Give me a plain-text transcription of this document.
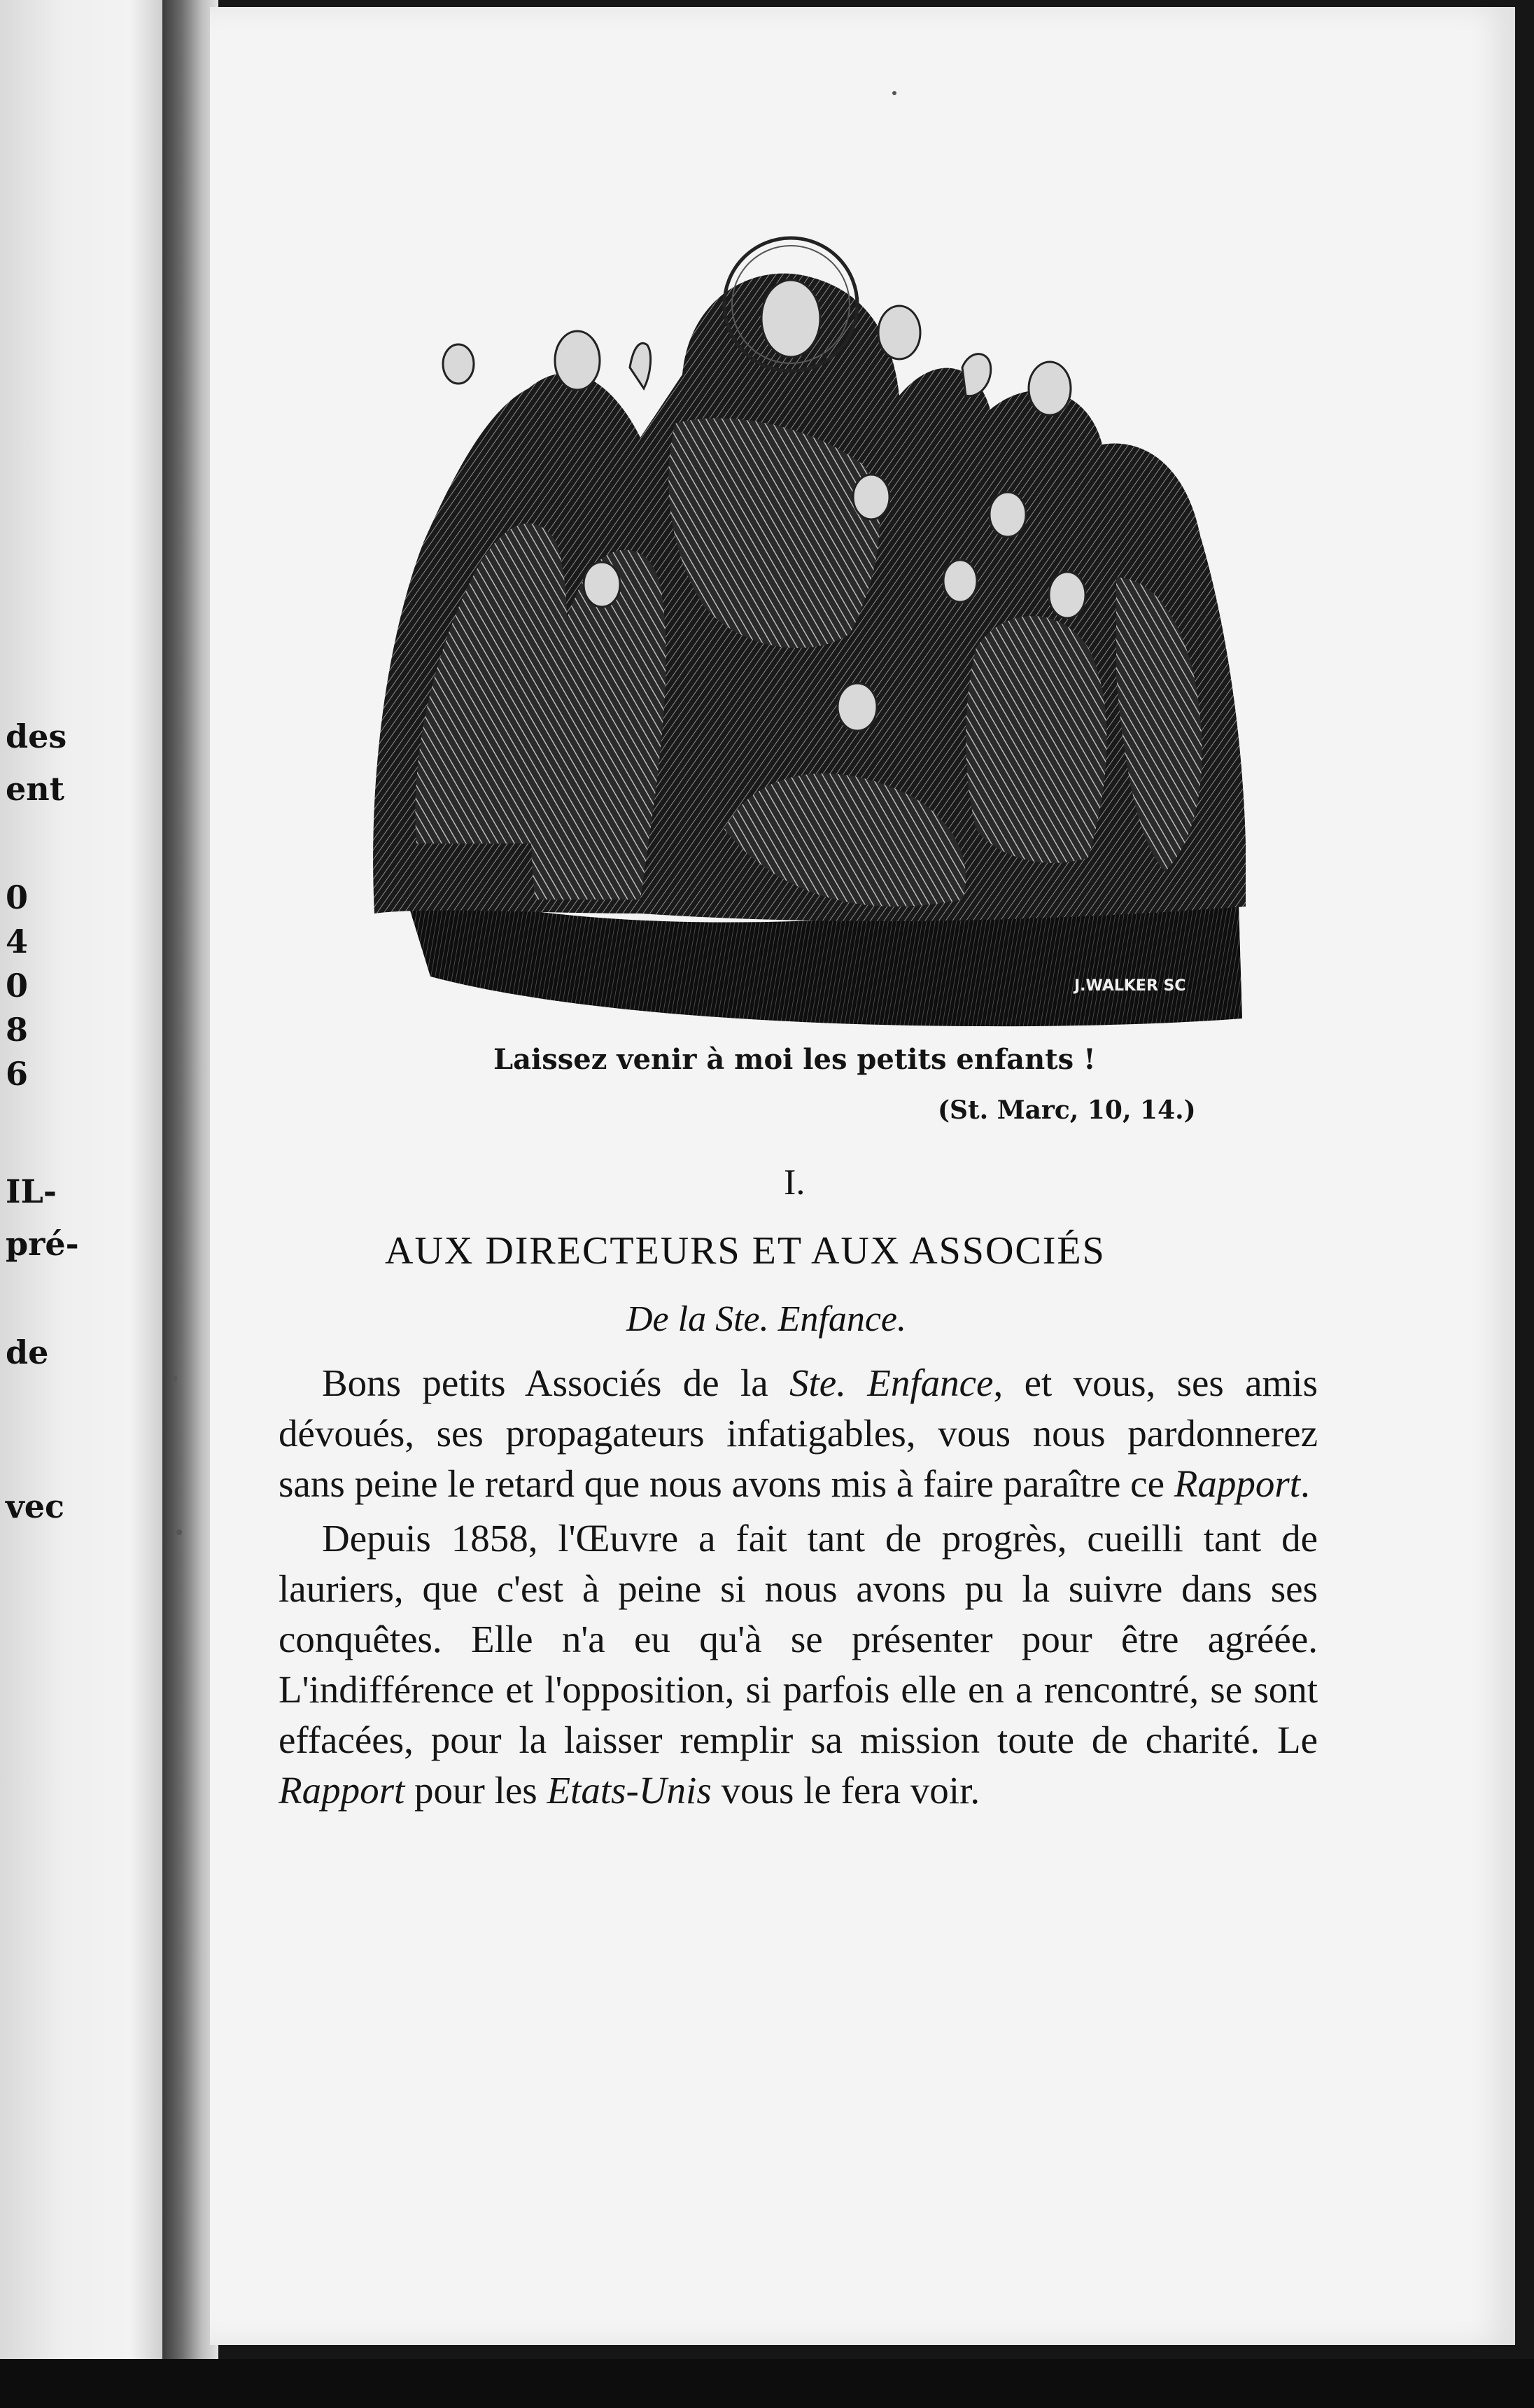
des
ent
0
4
0
8
6
IL-
pré-
de
vec
J.WALKER SC
Laissez venir à moi les petits enfants !
(St. Marc, 10, 14.)
I.
AUX DIRECTEURS ET AUX ASSOCIÉS
De la Ste. Enfance.

Bons petits Associés de la Ste. Enfance, et vous, ses amis dévoués, ses propagateurs infatigables, vous nous pardonnerez sans peine le retard que nous avons mis à faire paraître ce Rapport.

Depuis 1858, l'Œuvre a fait tant de progrès, cueilli tant de lauriers, que c'est à peine si nous avons pu la suivre dans ses conquêtes. Elle n'a eu qu'à se présenter pour être agréée. L'indifférence et l'opposition, si parfois elle en a rencontré, se sont effacées, pour la laisser remplir sa mission toute de charité. Le Rapport pour les Etats-Unis vous le fera voir.
